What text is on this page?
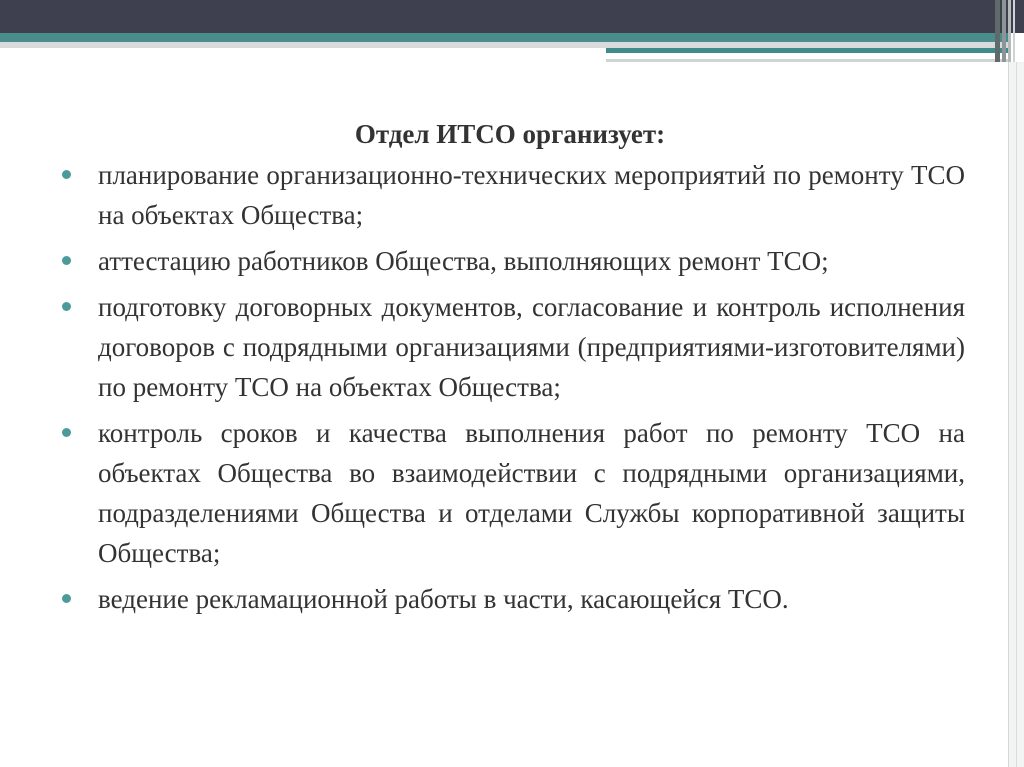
Отдел ИТСО организует:
планирование организационно-технических мероприятий по ремонту ТСО на объектах Общества;
аттестацию работников Общества, выполняющих ремонт ТСО;
подготовку договорных документов, согласование и контроль исполнения договоров с подрядными организациями (предприятиями-изготовителями) по ремонту ТСО на объектах Общества;
контроль сроков и качества выполнения работ по ремонту ТСО на объектах Общества во взаимодействии с подрядными организациями, подразделениями Общества и отделами Службы корпоративной защиты Общества;
ведение рекламационной работы в части, касающейся ТСО.
